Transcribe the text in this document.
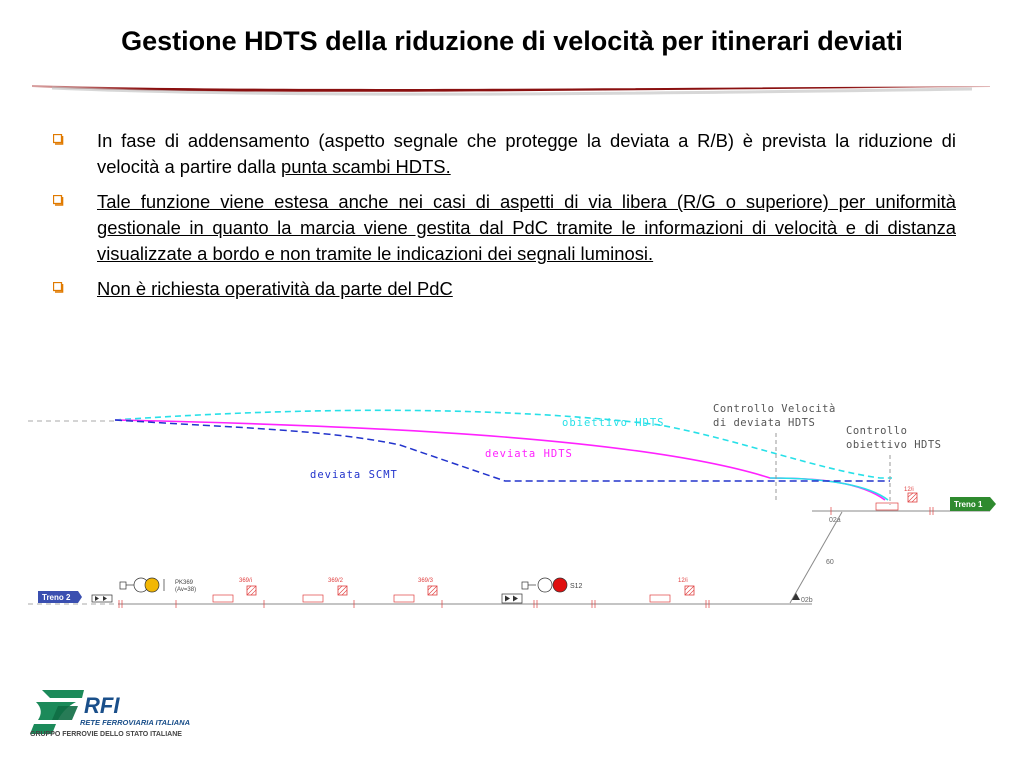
Gestione HDTS della riduzione di velocità per itinerari deviati
In fase di addensamento (aspetto segnale che protegge la deviata a R/B) è prevista la riduzione di velocità a partire dalla punta scambi HDTS.
Tale funzione viene estesa anche nei casi di aspetti di via libera (R/G o superiore) per uniformità gestionale in quanto la marcia viene gestita dal PdC tramite le informazioni di velocità e di distanza visualizzate a bordo e non tramite le indicazioni dei segnali luminosi.
Non è richiesta operatività da parte del PdC
obiettivo HDTS
deviata HDTS
deviata SCMT
Controllo Velocità
di deviata HDTS
Controllo
obiettivo HDTS
02a
12/i
Treno 1
60
02b
Treno 2
PK369
(Av=38)
369/i	369/2	369/3	12/i
S12
RFI
RETE FERROVIARIA ITALIANA
GRUPPO FERROVIE DELLO STATO ITALIANE
